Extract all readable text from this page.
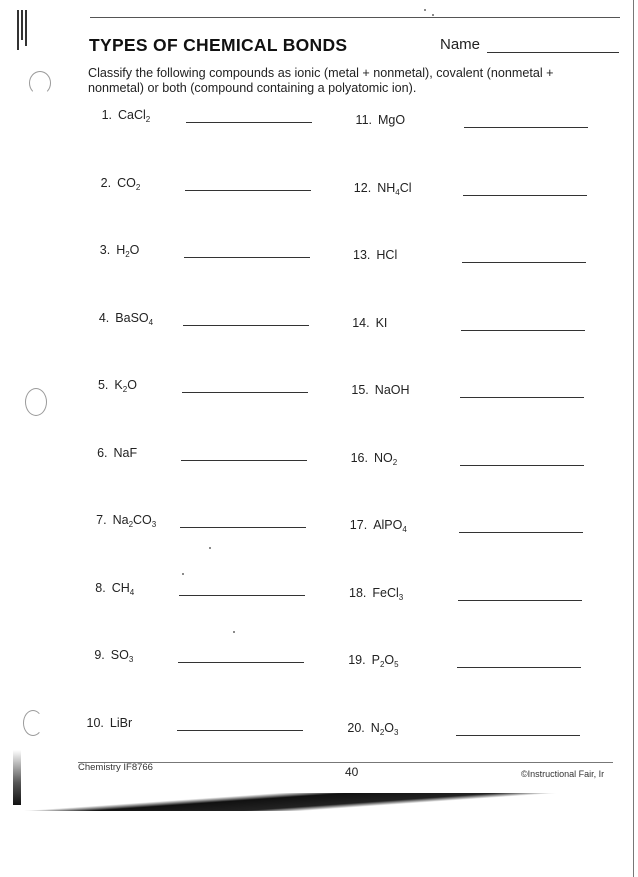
TYPES OF CHEMICAL BONDS	Name
Classify the following compounds as ionic (metal + nonmetal), covalent (nonmetal + nonmetal) or both (compound containing a polyatomic ion).
1. CaCl$_2$
2. $CO_2$
3. $H_2O$
4. BaSO$_4$
5. $K_2O$
6. NaF
7. $Na_2CO_3$
8. $CH_4$
9. $SO_3$
10. LiBr
11. MgO
12. $NH_4Cl$
13. HCl
14. KI
15. NaOH
16. $NO_2$
17. AlPO$_4$
18. FeCl$_3$
19. $P_2O_5$
20. $N_2O_3$
Chemistry IF8766	40	©Instructional Fair, Ir
